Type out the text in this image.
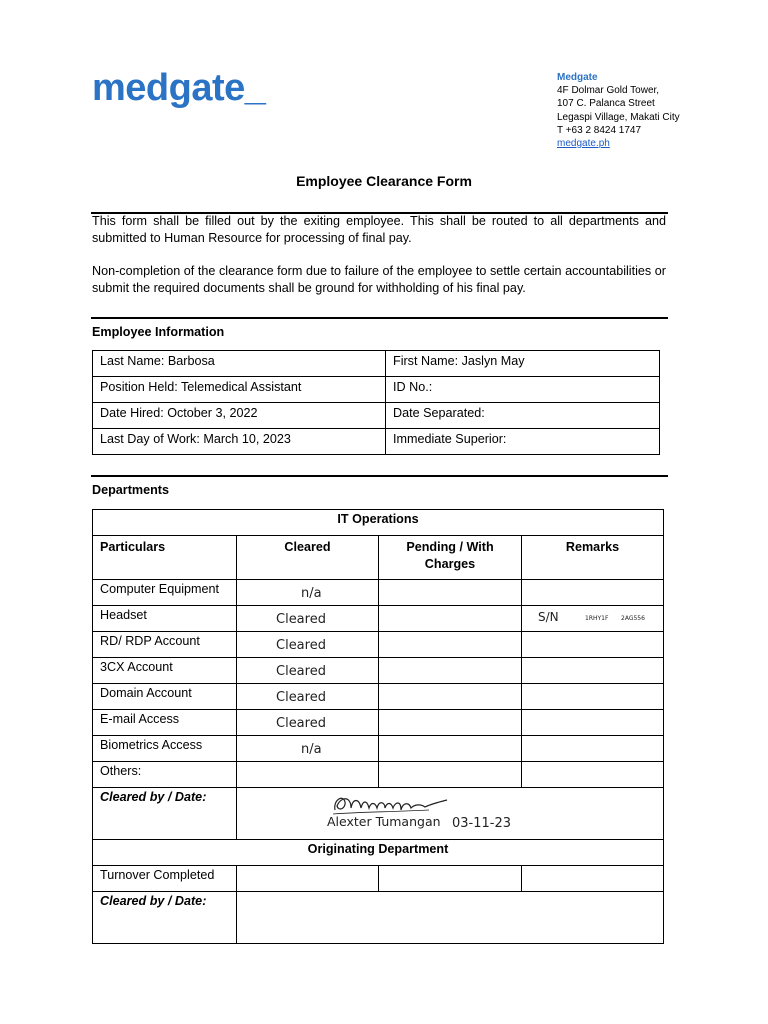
medgate_	Medgate
4F Dolmar Gold Tower,
107 C. Palanca Street
Legaspi Village, Makati City
T +63 2 8424 1747
medgate.ph
Employee Clearance Form
This form shall be filled out by the exiting employee. This shall be routed to all departments and submitted to Human Resource for processing of final pay.
Non-completion of the clearance form due to failure of the employee to settle certain accountabilities or submit the required documents shall be ground for withholding of his final pay.
Employee Information
Last Name: Barbosa	First Name: Jaslyn May
Position Held: Telemedical Assistant	ID No.:
Date Hired: October 3, 2022	Date Separated:
Last Day of Work: March 10, 2023	Immediate Superior:
Departments
IT Operations			
Particulars	Cleared	Pending / With Charges	Remarks
Computer Equipment	n/a		

Headset	Cleared		S/N 1RHY1F 2AG556

RD/ RDP Account	Cleared		

3CX Account	Cleared		

Domain Account	Cleared		

E-mail Access	Cleared		

Biometrics Access	n/a		

Others:			
Cleared by / Date:	Alexter Tumangan 03-11-23		

Originating Department			
Turnover Completed			
Cleared by / Date:			
